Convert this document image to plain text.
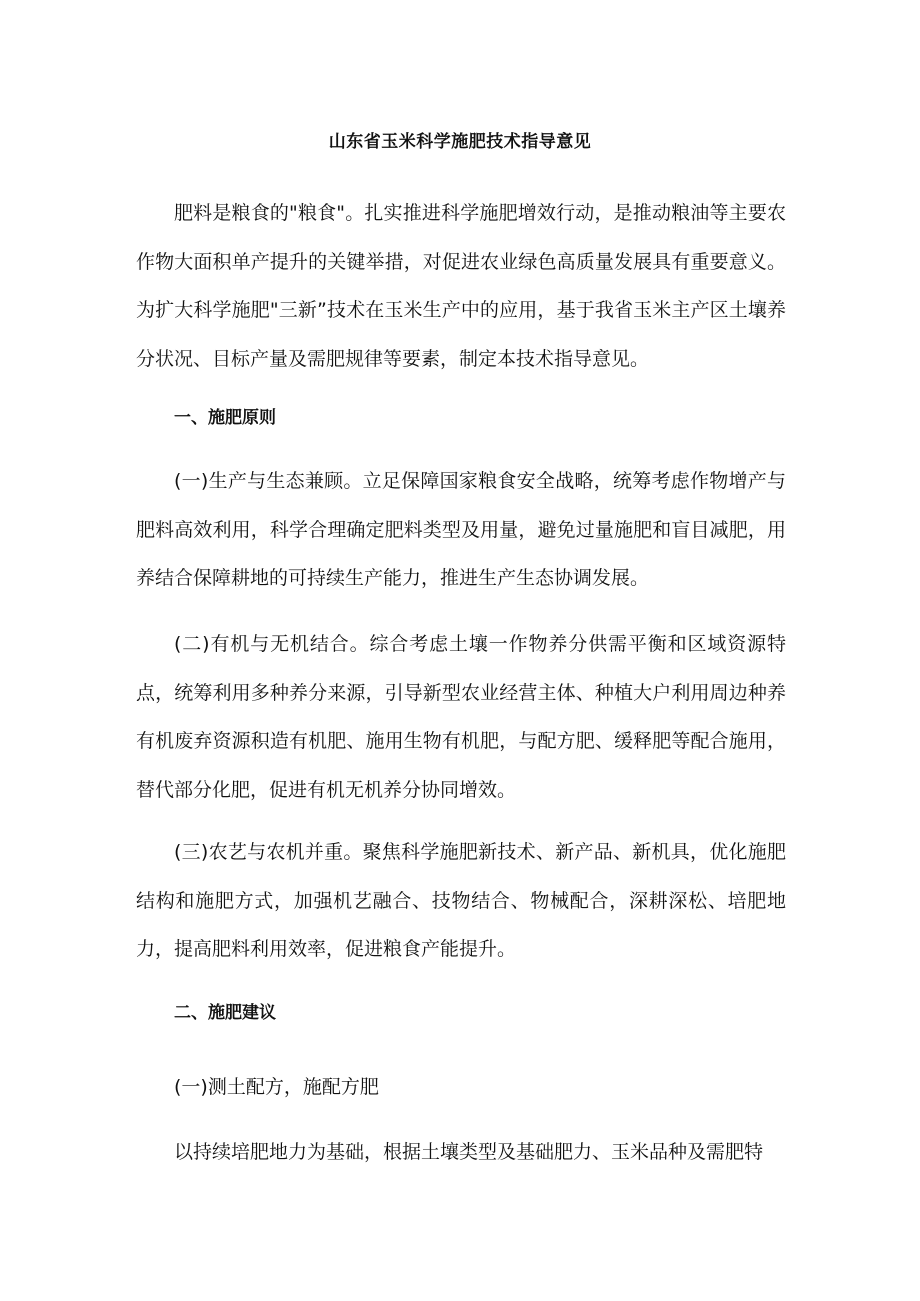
山东省玉米科学施肥技术指导意见

肥料是粮食的"粮食"。扎实推进科学施肥增效行动，是推动粮油等主要农作物大面积单产提升的关键举措，对促进农业绿色高质量发展具有重要意义。为扩大科学施肥"三新”技术在玉米生产中的应用，基于我省玉米主产区土壤养分状况、目标产量及需肥规律等要素，制定本技术指导意见。

一、施肥原则

(一)生产与生态兼顾。立足保障国家粮食安全战略，统筹考虑作物增产与肥料高效利用，科学合理确定肥料类型及用量，避免过量施肥和盲目减肥，用养结合保障耕地的可持续生产能力，推进生产生态协调发展。

(二)有机与无机结合。综合考虑土壤一作物养分供需平衡和区域资源特点，统筹利用多种养分来源，引导新型农业经营主体、种植大户利用周边种养有机废弃资源积造有机肥、施用生物有机肥，与配方肥、缓释肥等配合施用，替代部分化肥，促进有机无机养分协同增效。

(三)农艺与农机并重。聚焦科学施肥新技术、新产品、新机具，优化施肥结构和施肥方式，加强机艺融合、技物结合、物械配合，深耕深松、培肥地力，提高肥料利用效率，促进粮食产能提升。

二、施肥建议

(一)测土配方，施配方肥

以持续培肥地力为基础，根据土壤类型及基础肥力、玉米品种及需肥特
